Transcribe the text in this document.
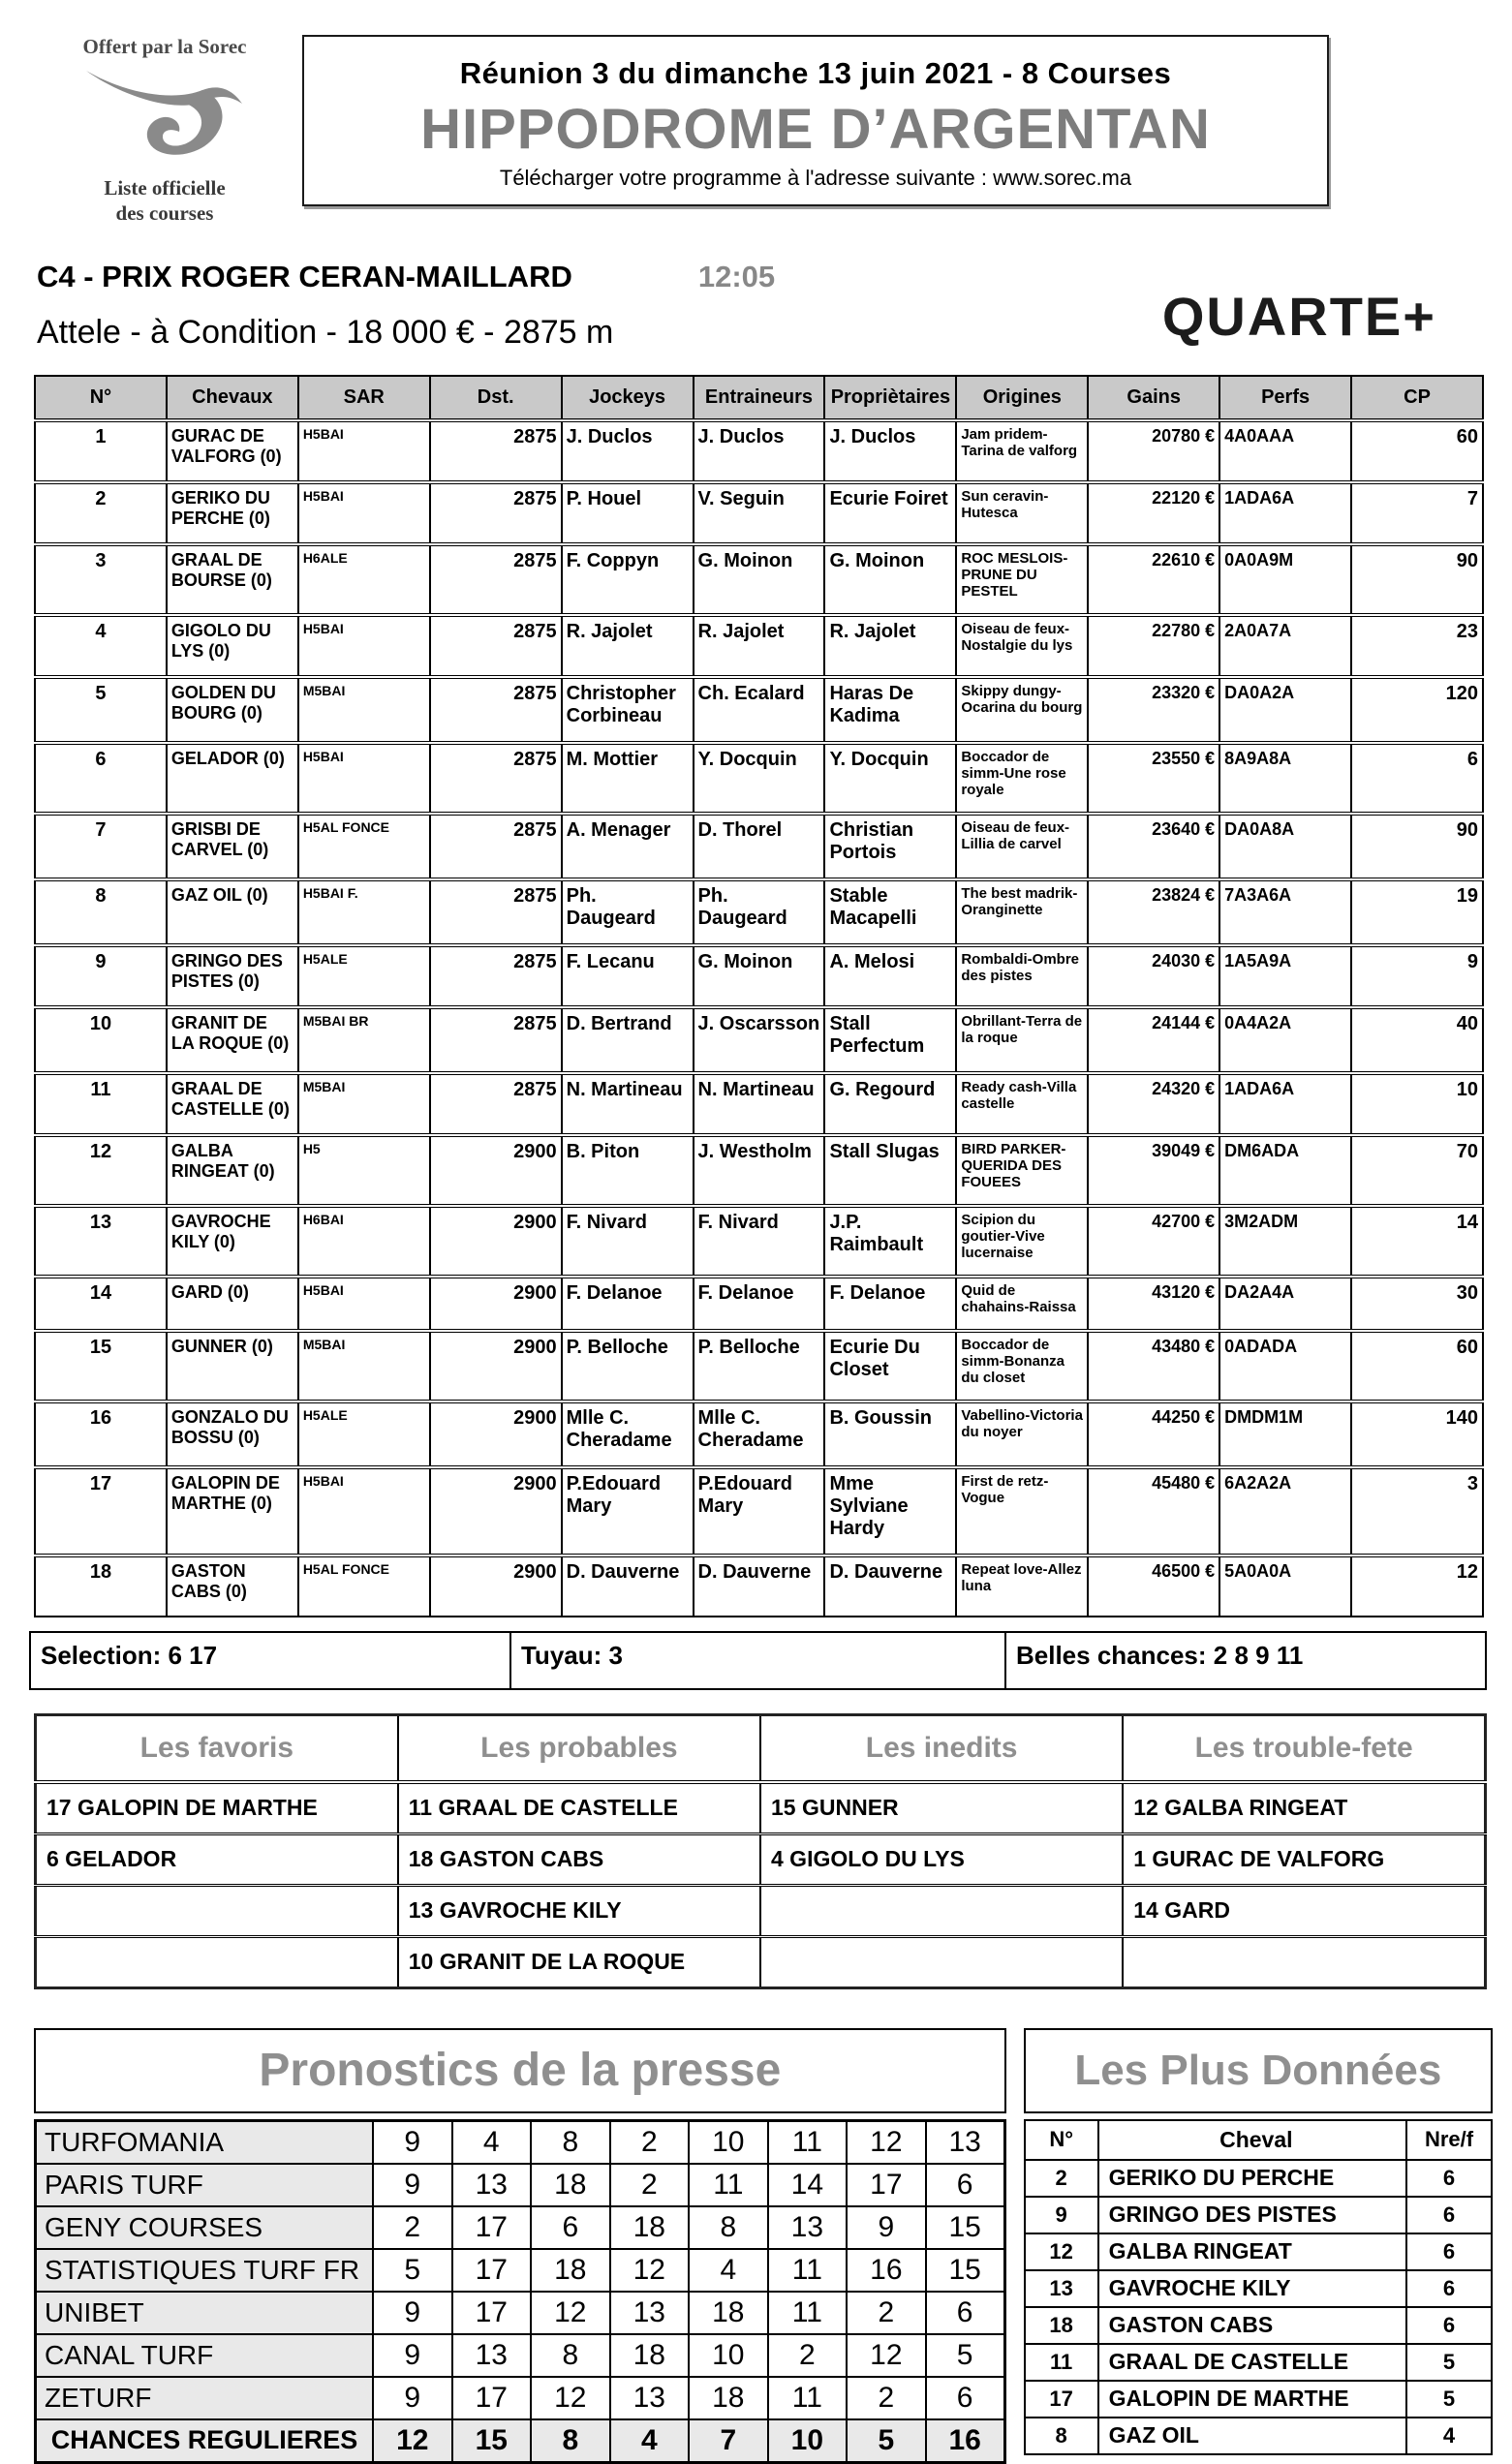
Offert par la Sorec
Liste officielle
des courses
Réunion 3 du dimanche 13 juin 2021 - 8 Courses
HIPPODROME D’ARGENTAN
Télécharger votre programme à l'adresse suivante : www.sorec.ma
C4 - PRIX ROGER CERAN-MAILLARD	12:05
QUARTE+
Attele - à Condition - 18 000 € - 2875 m
N°	Chevaux	SAR	Dst.	Jockeys	Entraineurs	Propriètaires	Origines	Gains	Perfs	CP
1	GURAC DE VALFORG (0)	H5BAI	2875	J. Duclos	J. Duclos	J. Duclos	Jam pridem-Tarina de valforg	20780 €	4A0AAA	60
2	GERIKO DU PERCHE (0)	H5BAI	2875	P. Houel	V. Seguin	Ecurie Foiret	Sun ceravin-Hutesca	22120 €	1ADA6A	7
3	GRAAL DE BOURSE (0)	H6ALE	2875	F. Coppyn	G. Moinon	G. Moinon	ROC MESLOIS-PRUNE DU PESTEL	22610 €	0A0A9M	90
4	GIGOLO DU LYS (0)	H5BAI	2875	R. Jajolet	R. Jajolet	R. Jajolet	Oiseau de feux-Nostalgie du lys	22780 €	2A0A7A	23
5	GOLDEN DU BOURG (0)	M5BAI	2875	Christopher Corbineau	Ch. Ecalard	Haras De Kadima	Skippy dungy-Ocarina du bourg	23320 €	DA0A2A	120
6	GELADOR (0)	H5BAI	2875	M. Mottier	Y. Docquin	Y. Docquin	Boccador de simm-Une rose royale	23550 €	8A9A8A	6
7	GRISBI DE CARVEL (0)	H5AL FONCE	2875	A. Menager	D. Thorel	Christian Portois	Oiseau de feux-Lillia de carvel	23640 €	DA0A8A	90
8	GAZ OIL (0)	H5BAI F.	2875	Ph. Daugeard	Ph. Daugeard	Stable Macapelli	The best madrik-Oranginette	23824 €	7A3A6A	19
9	GRINGO DES PISTES (0)	H5ALE	2875	F. Lecanu	G. Moinon	A. Melosi	Rombaldi-Ombre des pistes	24030 €	1A5A9A	9
10	GRANIT DE LA ROQUE (0)	M5BAI BR	2875	D. Bertrand	J. Oscarsson	Stall Perfectum	Obrillant-Terra de la roque	24144 €	0A4A2A	40
11	GRAAL DE CASTELLE (0)	M5BAI	2875	N. Martineau	N. Martineau	G. Regourd	Ready cash-Villa castelle	24320 €	1ADA6A	10
12	GALBA RINGEAT (0)	H5	2900	B. Piton	J. Westholm	Stall Slugas	BIRD PARKER-QUERIDA DES FOUEES	39049 €	DM6ADA	70
13	GAVROCHE KILY (0)	H6BAI	2900	F. Nivard	F. Nivard	J.P. Raimbault	Scipion du goutier-Vive lucernaise	42700 €	3M2ADM	14
14	GARD (0)	H5BAI	2900	F. Delanoe	F. Delanoe	F. Delanoe	Quid de chahains-Raissa	43120 €	DA2A4A	30
15	GUNNER (0)	M5BAI	2900	P. Belloche	P. Belloche	Ecurie Du Closet	Boccador de simm-Bonanza du closet	43480 €	0ADADA	60
16	GONZALO DU BOSSU (0)	H5ALE	2900	Mlle C. Cheradame	Mlle C. Cheradame	B. Goussin	Vabellino-Victoria du noyer	44250 €	DMDM1M	140
17	GALOPIN DE MARTHE (0)	H5BAI	2900	P.Edouard Mary	P.Edouard Mary	Mme Sylviane Hardy	First de retz-Vogue	45480 €	6A2A2A	3
18	GASTON CABS (0)	H5AL FONCE	2900	D. Dauverne	D. Dauverne	D. Dauverne	Repeat love-Allez luna	46500 €	5A0A0A	12
Selection: 6 17	Tuyau: 3	Belles chances: 2 8 9 11
Les favoris	Les probables	Les inedits	Les trouble-fete
17 GALOPIN DE MARTHE	11 GRAAL DE CASTELLE	15 GUNNER	12 GALBA RINGEAT
6 GELADOR	18 GASTON CABS	4 GIGOLO DU LYS	1 GURAC DE VALFORG
	13 GAVROCHE KILY		14 GARD
	10 GRANIT DE LA ROQUE		
Pronostics de la presse
TURFOMANIA	9	4	8	2	10	11	12	13
PARIS TURF	9	13	18	2	11	14	17	6
GENY COURSES	2	17	6	18	8	13	9	15
STATISTIQUES TURF FR	5	17	18	12	4	11	16	15
UNIBET	9	17	12	13	18	11	2	6
CANAL TURF	9	13	8	18	10	2	12	5
ZETURF	9	17	12	13	18	11	2	6
CHANCES REGULIERES	12	15	8	4	7	10	5	16
Les Plus Données
N°	Cheval	Nre/f
2	GERIKO DU PERCHE	6
9	GRINGO DES PISTES	6
12	GALBA RINGEAT	6
13	GAVROCHE KILY	6
18	GASTON CABS	6
11	GRAAL DE CASTELLE	5
17	GALOPIN DE MARTHE	5
8	GAZ OIL	4
